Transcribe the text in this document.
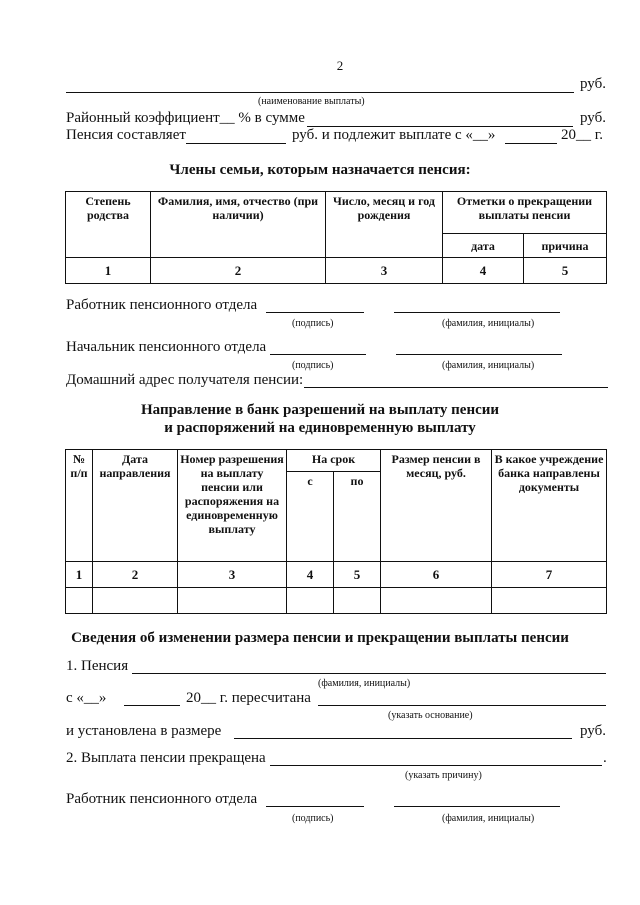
2
руб.
(наименование выплаты)
Районный коэффициент__ % в сумме	руб.
Пенсия составляет	руб. и подлежит выплате с «__»	20__ г.
Члены семьи, которым назначается пенсия:
Степень родства	Фамилия, имя, отчество (при наличии)	Число, месяц и год рождения	Отметки о прекращении выплаты пенсии	
			дата	причина
1	2	3	4	5
Работник пенсионного отдела
(подпись)	(фамилия, инициалы)
Начальник пенсионного отдела
(подпись)	(фамилия, инициалы)
Домашний адрес получателя пенсии:
Направление в банк разрешений на выплату пенсии
и распоряжений на единовременную выплату
№ п/п	Дата направления	Номер разрешения на выплату пенсии или распоряжения на единовременную выплату	На срок		Размер пенсии в месяц, руб.	В какое учреждение банка направлены документы
			с	по		
1	2	3	4	5	6	7

Сведения об изменении размера пенсии и прекращении выплаты пенсии
1. Пенсия
(фамилия, инициалы)
с «__»	20__ г. пересчитана
(указать основание)
и установлена в размере	руб.
2. Выплата пенсии прекращена	.
(указать причину)
Работник пенсионного отдела
(подпись)	(фамилия, инициалы)
